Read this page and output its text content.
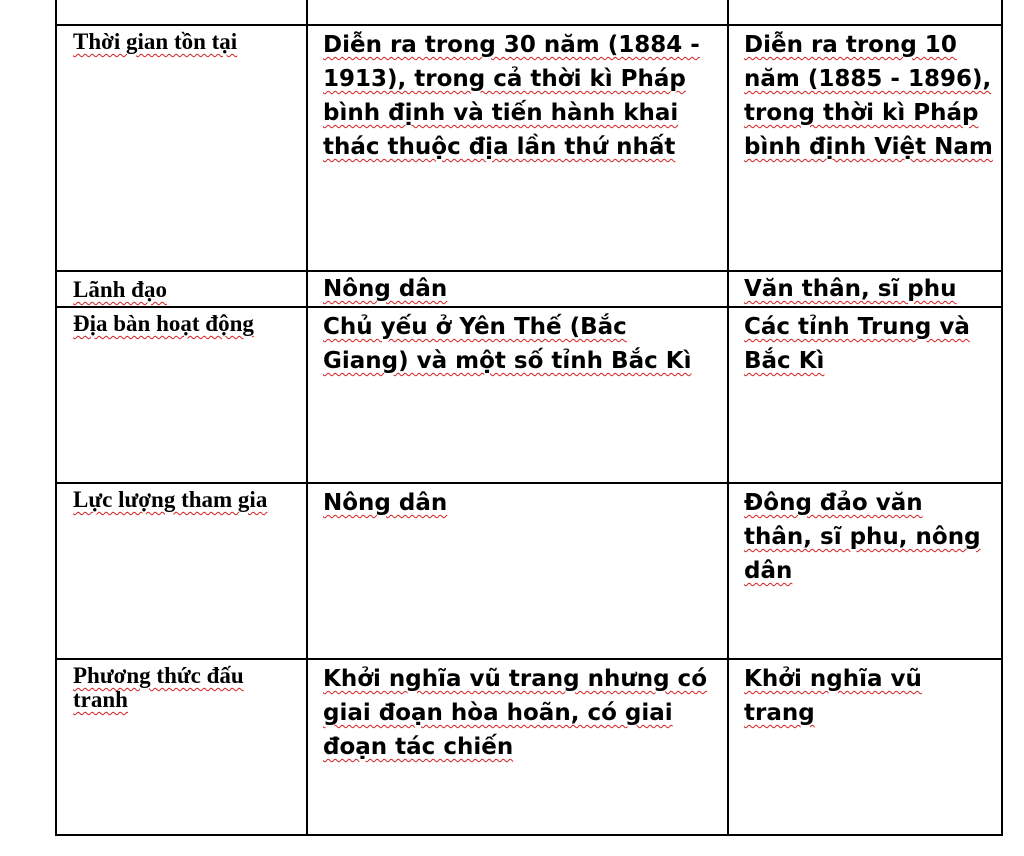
Thời gian tồn tại	Diễn ra trong 30 năm (1884 - 1913), trong cả thời kì Pháp bình định và tiến hành khai thác thuộc địa lần thứ nhất	Diễn ra trong 10 năm (1885 - 1896), trong thời kì Pháp bình định Việt Nam

Lãnh đạo	Nông dân	Văn thân, sĩ phu

Địa bàn hoạt động	Chủ yếu ở Yên Thế (Bắc Giang) và một số tỉnh Bắc Kì	Các tỉnh Trung và Bắc Kì

Lực lượng tham gia	Nông dân	Đông đảo văn thân, sĩ phu, nông dân

Phương thức đấu tranh	Khởi nghĩa vũ trang nhưng có giai đoạn hòa hoãn, có giai đoạn tác chiến	Khởi nghĩa vũ trang
